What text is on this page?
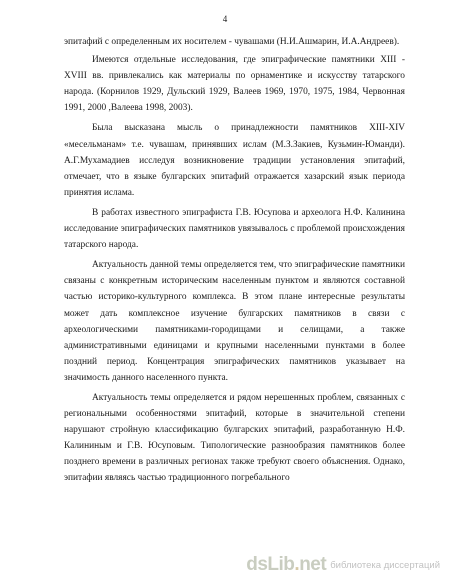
4

эпитафий с определенным их носителем - чувашами (Н.И.Ашмарин, И.А.Андреев).

Имеются отдельные исследования, где эпиграфические памятники XIII - XVIII вв. привлекались как материалы по орнаментике и искусству татарского народа. (Корнилов 1929, Дульский 1929, Валеев 1969, 1970, 1975, 1984, Червонная 1991, 2000 ,Валеева 1998, 2003).

Была высказана мысль о принадлежности памятников XIII-XIV «месельманам» т.е. чувашам, принявших ислам (М.З.Закиев, Кузьмин-Юманди). А.Г.Мухамадиев исследуя возникновение традиции установления эпитафий, отмечает, что в языке булгарских эпитафий отражается хазарский язык периода принятия ислама.

В работах известного эпиграфиста Г.В. Юсупова и археолога Н.Ф. Калинина исследование эпиграфических памятников увязывалось с проблемой происхождения татарского народа.

Актуальность данной темы определяется тем, что эпиграфические памятники связаны с конкретным историческим населенным пунктом и являются составной частью историко-культурного комплекса. В этом плане интересные результаты может дать комплексное изучение булгарских памятников в связи с археологическими памятниками-городищами и селищами, а также административными единицами и крупными населенными пунктами в более поздний период. Концентрация эпиграфических памятников указывает на значимость данного населенного пункта.

Актуальность темы определяется и рядом нерешенных проблем, связанных с региональными особенностями эпитафий, которые в значительной степени нарушают стройную классификацию булгарских эпитафий, разработанную Н.Ф. Калининым и Г.В. Юсуповым. Типологические разнообразия памятников более позднего времени в различных регионах также требуют своего объяснения. Однако, эпитафии являясь частью традиционного погребального

dsLib.net библиотека диссертаций
